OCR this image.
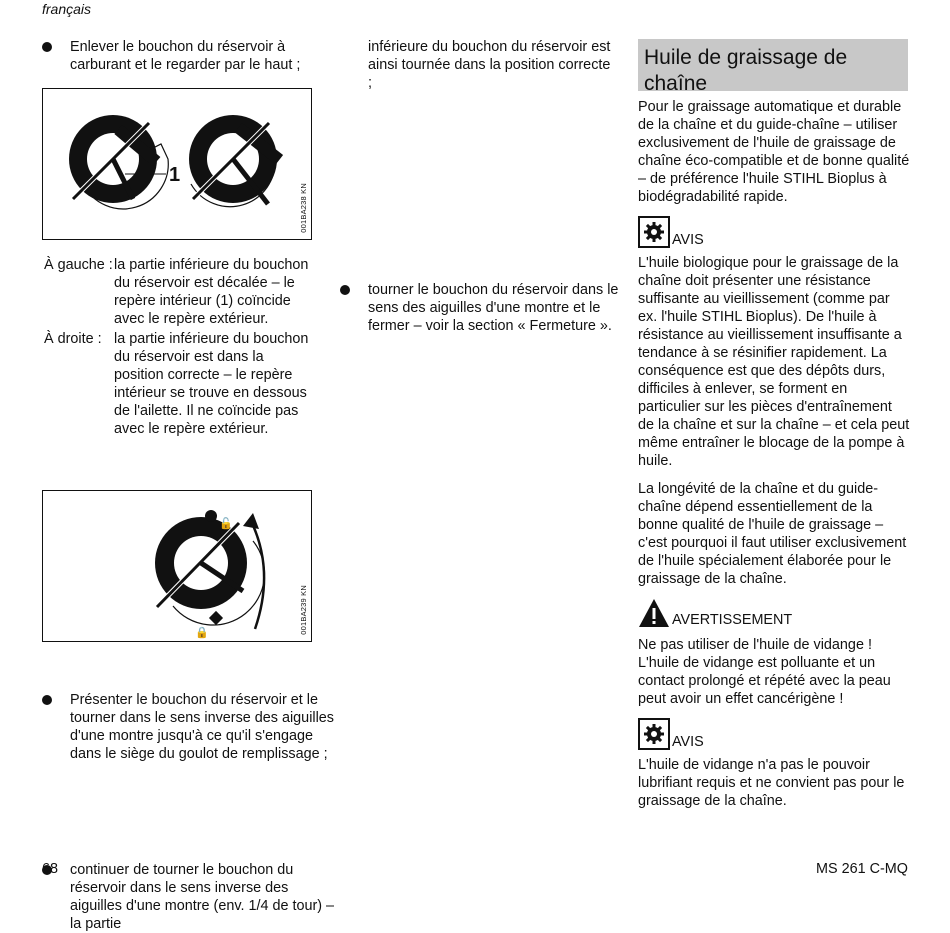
français
Enlever le bouchon du réservoir à carburant et le regarder par le haut ;
1
001BA238 KN
À gauche : la partie inférieure du bouchon du réservoir est décalée – le repère intérieur (1) coïncide avec le repère extérieur.
À droite : la partie inférieure du bouchon du réservoir est dans la position correcte – le repère intérieur se trouve en dessous de l'ailette. Il ne coïncide pas avec le repère extérieur.
🔓
🔒	001BA239 KN
Présenter le bouchon du réservoir et le tourner dans le sens inverse des aiguilles d'une montre jusqu'à ce qu'il s'engage dans le siège du goulot de remplissage ;
continuer de tourner le bouchon du réservoir dans le sens inverse des aiguilles d'une montre (env. 1/4 de tour) – la partie
inférieure du bouchon du réservoir est ainsi tournée dans la position correcte ;
tourner le bouchon du réservoir dans le sens des aiguilles d'une montre et le fermer – voir la section « Fermeture ».
Huile de graissage de chaîne

Pour le graissage automatique et durable de la chaîne et du guide-chaîne – utiliser exclusivement de l'huile de graissage de chaîne éco-compatible et de bonne qualité – de préférence l'huile STIHL Bioplus à biodégradabilité rapide.

AVIS

L'huile biologique pour le graissage de la chaîne doit présenter une résistance suffisante au vieillissement (comme par ex. l'huile STIHL Bioplus). De l'huile à résistance au vieillissement insuffisante a tendance à se résinifier rapidement. La conséquence est que des dépôts durs, difficiles à enlever, se forment en particulier sur les pièces d'entraînement de la chaîne et sur la chaîne – et cela peut même entraîner le blocage de la pompe à huile.

La longévité de la chaîne et du guide-chaîne dépend essentiellement de la bonne qualité de l'huile de graissage – c'est pourquoi il faut utiliser exclusivement de l'huile spécialement élaborée pour le graissage de la chaîne.

AVERTISSEMENT
Ne pas utiliser de l'huile de vidange !

L'huile de vidange est polluante et un contact prolongé et répété avec la peau peut avoir un effet cancérigène !

AVIS

L'huile de vidange n'a pas le pouvoir lubrifiant requis et ne convient pas pour le graissage de la chaîne.

68	MS 261 C-MQ
